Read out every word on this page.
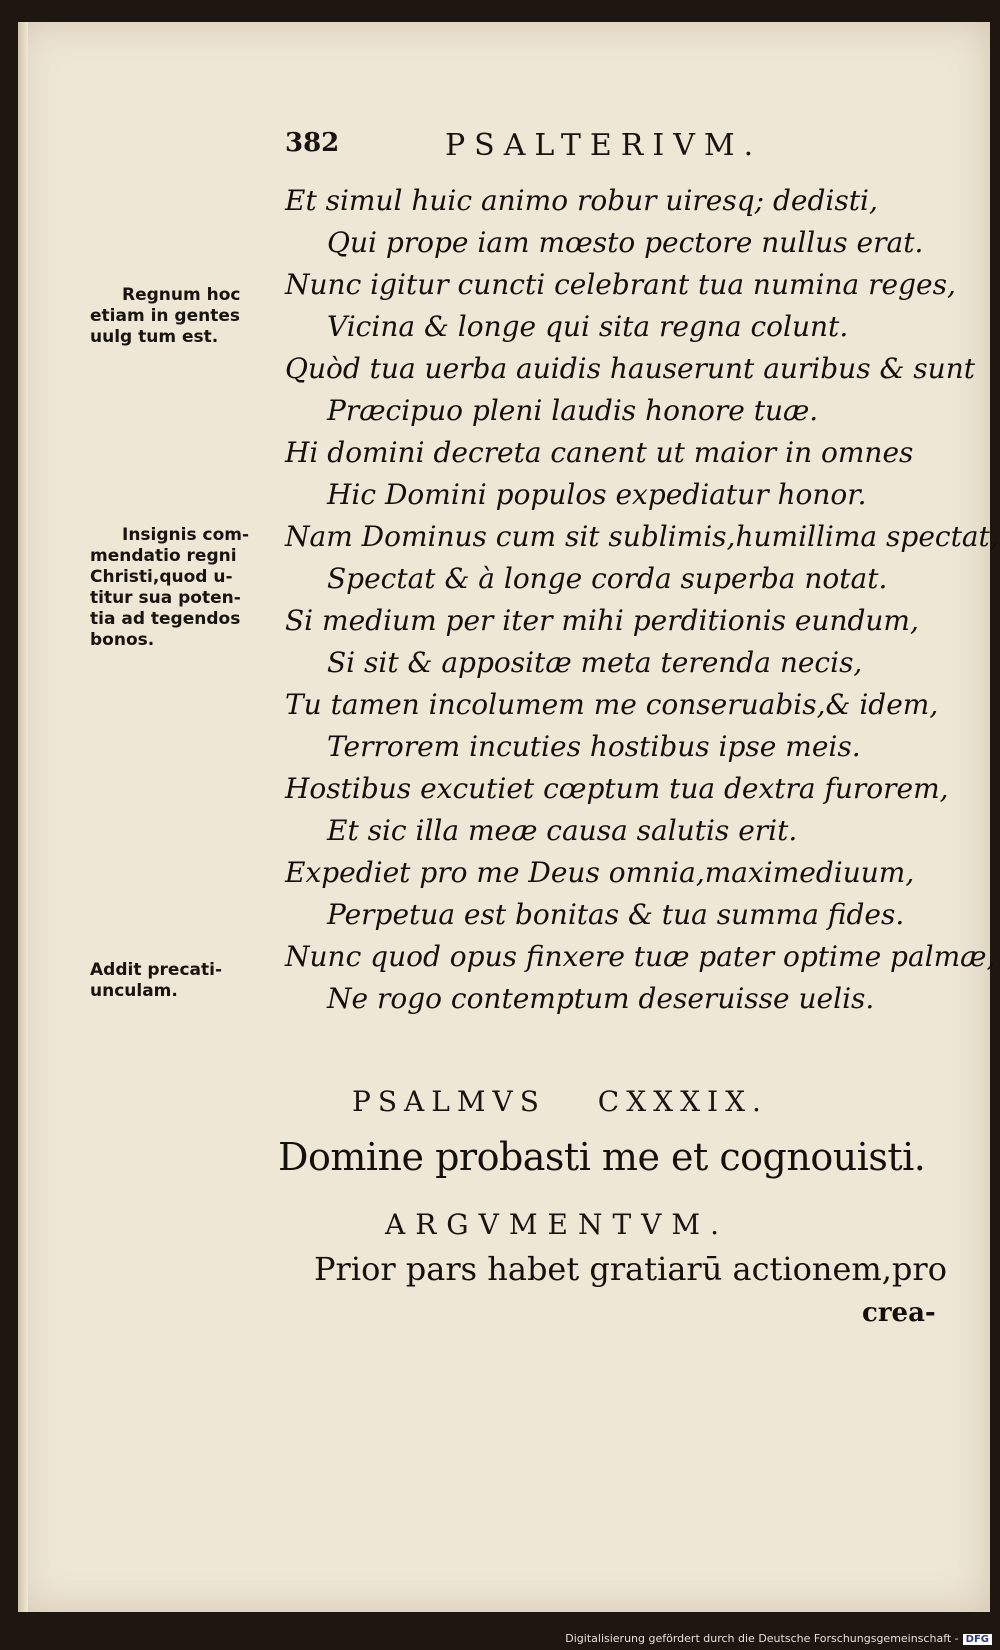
382	PSALTERIVM.
Et simul huic animo robur uiresq; dedisti,
Qui prope iam mœsto pectore nullus erat.
Nunc igitur cuncti celebrant tua numina reges,
Vicina & longe qui sita regna colunt.
Quòd tua uerba auidis hauserunt auribus & sunt
Præcipuo pleni laudis honore tuæ.
Hi domini decreta canent ut maior in omnes
Hic Domini populos expediatur honor.
Nam Dominus cum sit sublimis,humillima spectat,
Spectat & à longe corda superba notat.
Si medium per iter mihi perditionis eundum,
Si sit & appositæ meta terenda necis,
Tu tamen incolumem me conseruabis,& idem,
Terrorem incuties hostibus ipse meis.
Hostibus excutiet cœptum tua dextra furorem,
Et sic illa meæ causa salutis erit.
Expediet pro me Deus omnia,maximediuum,
Perpetua est bonitas & tua summa fides.
Nunc quod opus finxere tuæ pater optime palmæ,
Ne rogo contemptum deseruisse uelis.
Regnum hoc
etiam in gentes
uulg tum est.
Insignis com-
mendatio regni
Christi,quod u-
titur sua poten-
tia ad tegendos
bonos.
Addit precati-
unculam.
PSALMVS CXXXIX.
Domine probasti me et cognouisti.
ARGVMENTVM.
Prior pars habet gratiarū actionem,pro
crea-
Digitalisierung gefördert durch die Deutsche Forschungsgemeinschaft - DFG
